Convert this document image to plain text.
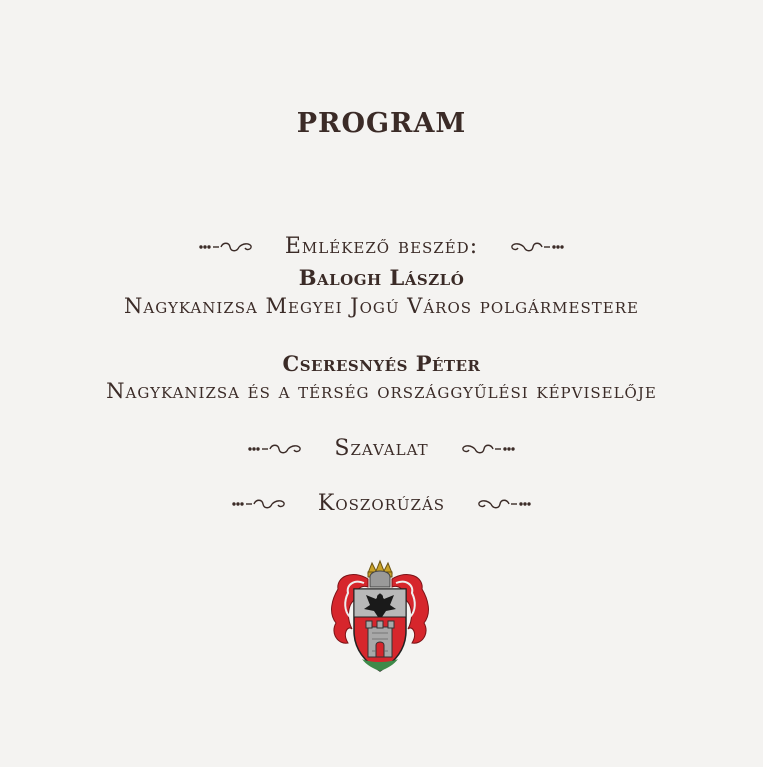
PROGRAM
Emlékező beszéd:
Balogh László
Nagykanizsa Megyei Jogú Város polgármestere
Cseresnyés Péter
Nagykanizsa és a térség országgyűlési képviselője
Szavalat
Koszorúzás
